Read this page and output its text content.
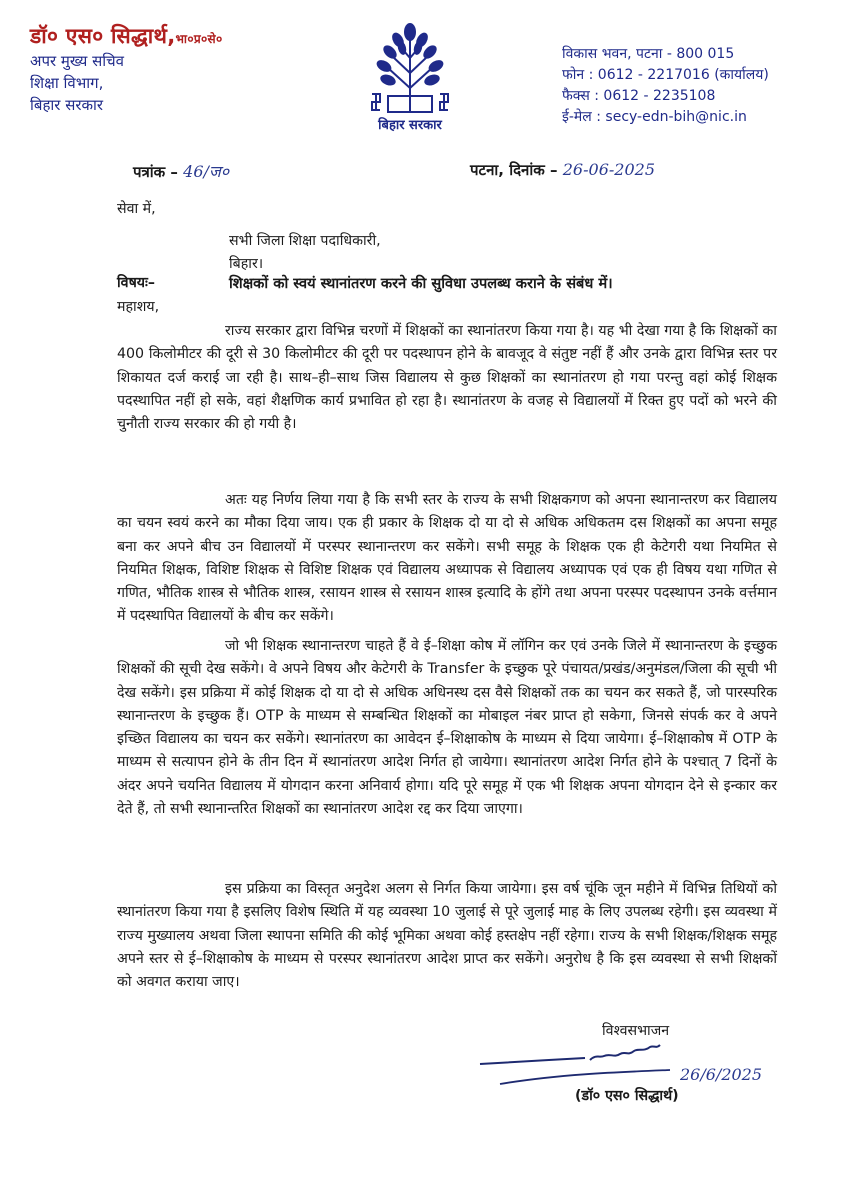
डॉ० एस० सिद्धार्थ,भा०प्र०से०
अपर मुख्य सचिव
शिक्षा विभाग,
बिहार सरकार
बिहार सरकार
विकास भवन, पटना - 800 015
फोन : 0612 - 2217016 (कार्यालय)
फैक्स : 0612 - 2235108
ई-मेल : secy-edn-bih@nic.in
पत्रांक – 46/ज०	पटना, दिनांक – 26-06-2025
सेवा में,
सभी जिला शिक्षा पदाधिकारी,
बिहार।
विषयः–	शिक्षकों को स्वयं स्थानांतरण करने की सुविधा उपलब्ध कराने के संबंध में।
महाशय,

राज्य सरकार द्वारा विभिन्न चरणों में शिक्षकों का स्थानांतरण किया गया है। यह भी देखा गया है कि शिक्षकों का 400 किलोमीटर की दूरी से 30 किलोमीटर की दूरी पर पदस्थापन होने के बावजूद वे संतुष्ट नहीं हैं और उनके द्वारा विभिन्न स्तर पर शिकायत दर्ज कराई जा रही है। साथ–ही–साथ जिस विद्यालय से कुछ शिक्षकों का स्थानांतरण हो गया परन्तु वहां कोई शिक्षक पदस्थापित नहीं हो सके, वहां शैक्षणिक कार्य प्रभावित हो रहा है। स्थानांतरण के वजह से विद्यालयों में रिक्त हुए पदों को भरने की चुनौती राज्य सरकार की हो गयी है।

अतः यह निर्णय लिया गया है कि सभी स्तर के राज्य के सभी शिक्षकगण को अपना स्थानान्तरण कर विद्यालय का चयन स्वयं करने का मौका दिया जाय। एक ही प्रकार के शिक्षक दो या दो से अधिक अधिकतम दस शिक्षकों का अपना समूह बना कर अपने बीच उन विद्यालयों में परस्पर स्थानान्तरण कर सकेंगे। सभी समूह के शिक्षक एक ही केटेगरी यथा नियमित से नियमित शिक्षक, विशिष्ट शिक्षक से विशिष्ट शिक्षक एवं विद्यालय अध्यापक से विद्यालय अध्यापक एवं एक ही विषय यथा गणित से गणित, भौतिक शास्त्र से भौतिक शास्त्र, रसायन शास्त्र से रसायन शास्त्र इत्यादि के होंगे तथा अपना परस्पर पदस्थापन उनके वर्त्तमान में पदस्थापित विद्यालयों के बीच कर सकेंगे।

जो भी शिक्षक स्थानान्तरण चाहते हैं वे ई–शिक्षा कोष में लॉगिन कर एवं उनके जिले में स्थानान्तरण के इच्छुक शिक्षकों की सूची देख सकेंगे। वे अपने विषय और केटेगरी के Transfer के इच्छुक पूरे पंचायत/प्रखंड/अनुमंडल/जिला की सूची भी देख सकेंगे। इस प्रक्रिया में कोई शिक्षक दो या दो से अधिक अधिनस्थ दस वैसे शिक्षकों तक का चयन कर सकते हैं, जो पारस्परिक स्थानान्तरण के इच्छुक हैं। OTP के माध्यम से सम्बन्धित शिक्षकों का मोबाइल नंबर प्राप्त हो सकेगा, जिनसे संपर्क कर वे अपने इच्छित विद्यालय का चयन कर सकेंगे। स्थानांतरण का आवेदन ई–शिक्षाकोष के माध्यम से दिया जायेगा। ई–शिक्षाकोष में OTP के माध्यम से सत्यापन होने के तीन दिन में स्थानांतरण आदेश निर्गत हो जायेगा। स्थानांतरण आदेश निर्गत होने के पश्चात् 7 दिनों के अंदर अपने चयनित विद्यालय में योगदान करना अनिवार्य होगा। यदि पूरे समूह में एक भी शिक्षक अपना योगदान देने से इन्कार कर देते हैं, तो सभी स्थानान्तरित शिक्षकों का स्थानांतरण आदेश रद्द कर दिया जाएगा।

इस प्रक्रिया का विस्तृत अनुदेश अलग से निर्गत किया जायेगा। इस वर्ष चूंकि जून महीने में विभिन्न तिथियों को स्थानांतरण किया गया है इसलिए विशेष स्थिति में यह व्यवस्था 10 जुलाई से पूरे जुलाई माह के लिए उपलब्ध रहेगी। इस व्यवस्था में राज्य मुख्यालय अथवा जिला स्थापना समिति की कोई भूमिका अथवा कोई हस्तक्षेप नहीं रहेगा। राज्य के सभी शिक्षक/शिक्षक समूह अपने स्तर से ई–शिक्षाकोष के माध्यम से परस्पर स्थानांतरण आदेश प्राप्त कर सकेंगे। अनुरोध है कि इस व्यवस्था से सभी शिक्षकों को अवगत कराया जाए।

विश्वसभाजन
26/6/2025
(डॉ० एस० सिद्धार्थ)
